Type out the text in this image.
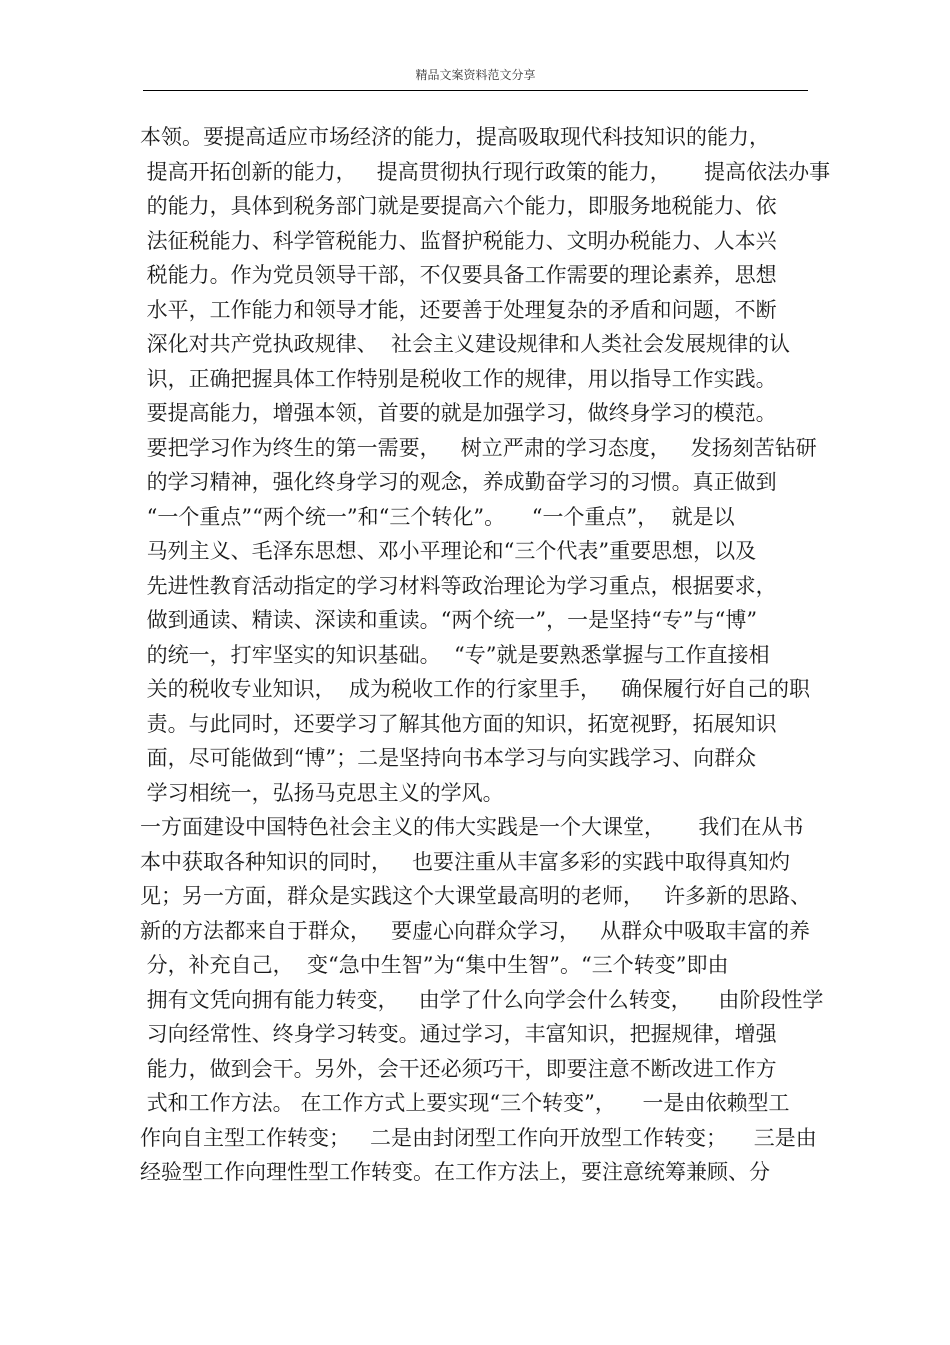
精品文案资料范文分享
本领。要提高适应市场经济的能力，提高吸取现代科技知识的能力，
提高开拓创新的能力，   提高贯彻执行现行政策的能力，     提高依法办事
的能力，具体到税务部门就是要提高六个能力，即服务地税能力、依
法征税能力、科学管税能力、监督护税能力、文明办税能力、人本兴
税能力。作为党员领导干部，不仅要具备工作需要的理论素养，思想
水平，工作能力和领导才能，还要善于处理复杂的矛盾和问题，不断
深化对共产党执政规律、  社会主义建设规律和人类社会发展规律的认
识，正确把握具体工作特别是税收工作的规律，用以指导工作实践。
要提高能力，增强本领，首要的就是加强学习，做终身学习的模范。
要把学习作为终生的第一需要，   树立严肃的学习态度，   发扬刻苦钻研
的学习精神，强化终身学习的观念，养成勤奋学习的习惯。真正做到
“一个重点”“两个统一”和“三个转化”。    “一个重点”，  就是以
马列主义、毛泽东思想、邓小平理论和“三个代表”重要思想，以及
先进性教育活动指定的学习材料等政治理论为学习重点，根据要求，
做到通读、精读、深读和重读。“两个统一”，一是坚持“专”与“博”
的统一，打牢坚实的知识基础。  “专”就是要熟悉掌握与工作直接相
关的税收专业知识，  成为税收工作的行家里手，   确保履行好自己的职
责。与此同时，还要学习了解其他方面的知识，拓宽视野，拓展知识
面，尽可能做到“博”；二是坚持向书本学习与向实践学习、向群众
学习相统一，弘扬马克思主义的学风。
一方面建设中国特色社会主义的伟大实践是一个大课堂，     我们在从书
本中获取各种知识的同时，   也要注重从丰富多彩的实践中取得真知灼
见；另一方面，群众是实践这个大课堂最高明的老师，   许多新的思路、
新的方法都来自于群众，   要虚心向群众学习，   从群众中吸取丰富的养
分，补充自己，  变“急中生智”为“集中生智”。“三个转变”即由
拥有文凭向拥有能力转变，   由学了什么向学会什么转变，    由阶段性学
习向经常性、终身学习转变。通过学习，丰富知识，把握规律，增强
能力，做到会干。另外，会干还必须巧干，即要注意不断改进工作方
式和工作方法。 在工作方式上要实现“三个转变”，    一是由依赖型工
作向自主型工作转变；   二是由封闭型工作向开放型工作转变；    三是由
经验型工作向理性型工作转变。在工作方法上，要注意统筹兼顾、分
